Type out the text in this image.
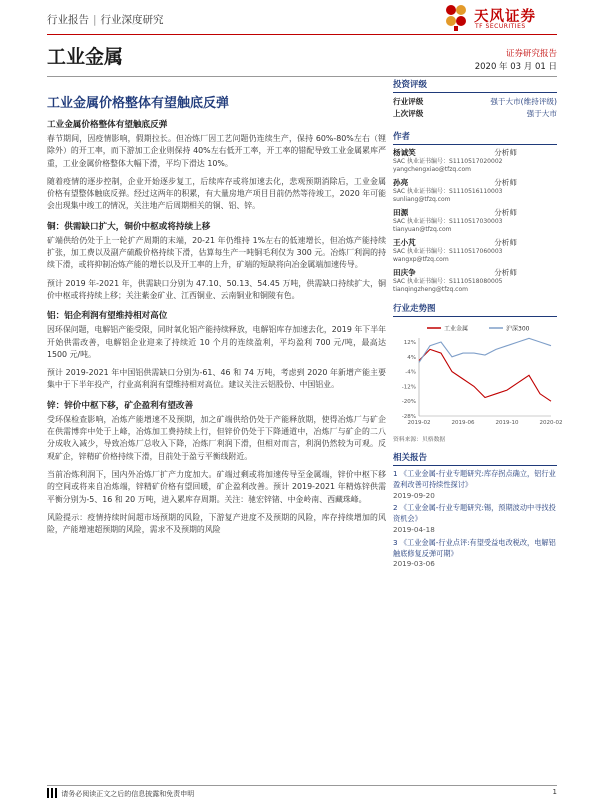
行业报告 | 行业深度研究	天风证券
TF SECURITIES
工业金属	证券研究报告
2020 年 03 月 01 日
工业金属价格整体有望触底反弹
工业金属价格整体有望触底反弹

春节期间，因疫情影响，假期拉长。但冶炼厂因工艺问题仍连续生产，保持 60%-80%左右（锂除外）的开工率，而下游加工企业则保持 40%左右低开工率，开工率的错配导致工业金属累库严重，工业金属价格整体大幅下滑，平均下滑达 10%。

随着疫情的逐步控制，企业开始逐步复工，后续库存或将加速去化，悲观预期消除后，工业金属价格有望整体触底反弹。经过这两年的积累，有大量房地产项目目前仍然等待竣工，2020 年可能会出现集中竣工的情况，关注地产后周期相关的铜、铝、锌。

铜：供需缺口扩大，铜价中枢或将持续上移

矿端供给仍处于上一轮扩产周期的末端，20-21 年仍维持 1%左右的低速增长，但冶炼产能持续扩张，加工费以及副产硫酸价格持续下滑，估算每生产一吨铜毛利仅为 300 元。冶炼厂利润的持续下滑，或将抑制冶炼产能的增长以及开工率的上升，矿端的短缺将向冶金属端加速传导。

预计 2019 年-2021 年，供需缺口分别为 47.10、50.13、54.45 万吨，供需缺口持续扩大，铜价中枢或将持续上移；关注紫金矿业、江西铜业、云南铜业和铜陵有色。

铝：铝企利润有望维持相对高位

因环保问题，电解铝产能受限，同时氧化铝产能持续释放，电解铝库存加速去化，2019 年下半年开始供需改善，电解铝企业迎来了持续近 10 个月的连续盈利，平均盈利 700 元/吨，最高达 1500 元/吨。

预计 2019-2021 年中国铝供需缺口分别为-61、46 和 74 万吨，考虑到 2020 年新增产能主要集中于下半年投产，行业高利润有望维持相对高位。建议关注云铝股份、中国铝业。

锌：锌价中枢下移，矿企盈利有望改善

受环保检查影响，冶炼产能增速不及预期，加之矿端供给仍处于产能释放期，使得冶炼厂与矿企在供需博弈中处于上峰，冶炼加工费持续上行，但锌价仍处于下降通道中，冶炼厂与矿企的二八分成收入减少，导致冶炼厂总收入下降，冶炼厂利润下滑，但相对而言，利润仍然较为可观。反观矿企，锌精矿价格持续下滑，目前处于盈亏平衡线附近。

当前冶炼利润下，国内外冶炼厂扩产力度加大。矿端过剩或将加速传导至金属端，锌价中枢下移的空间或将来自冶炼端，锌精矿价格有望回暖，矿企盈利改善。预计 2019-2021 年精炼锌供需平衡分别为-5、16 和 20 万吨，进入累库存周期。关注：驰宏锌锗、中金岭南、西藏珠峰。

风险提示：疫情持续时间超市场预期的风险，下游复产进度不及预期的风险，库存持续增加的风险，产能增速超预期的风险，需求不及预期的风险

投资评级
行业评级	强于大市(维持评级)
上次评级	强于大市
作者
杨诚笑	分析师
SAC 执业证书编号：S1110517020002
yangchengxiao@tfzq.com
孙亮	分析师
SAC 执业证书编号：S1110516110003
sunliang@tfzq.com
田源	分析师
SAC 执业证书编号：S1110517030003
tianyuan@tfzq.com
王小芃	分析师
SAC 执业证书编号：S1110517060003
wangxp@tfzq.com
田庆争	分析师
SAC 执业证书编号：S1110518080005
tianqingzheng@tfzq.com
行业走势图
工业金属	沪深300
12%
4%
-4%
-12%
-20%
-28%
2019-02	2019-06	2019-10	2020-02
资料来源：贝格数据
相关报告
1 《工业金属-行业专题研究:库存拐点确立，铝行业盈利改善可持续性探讨》
2019-09-20
2 《工业金属-行业专题研究:锡，预期波动中寻找投资机会》
2019-04-18
3 《工业金属-行业点评:有望受益电改税改，电解铝触底修复反弹可期》
2019-03-06
请务必阅读正文之后的信息披露和免责申明	1
